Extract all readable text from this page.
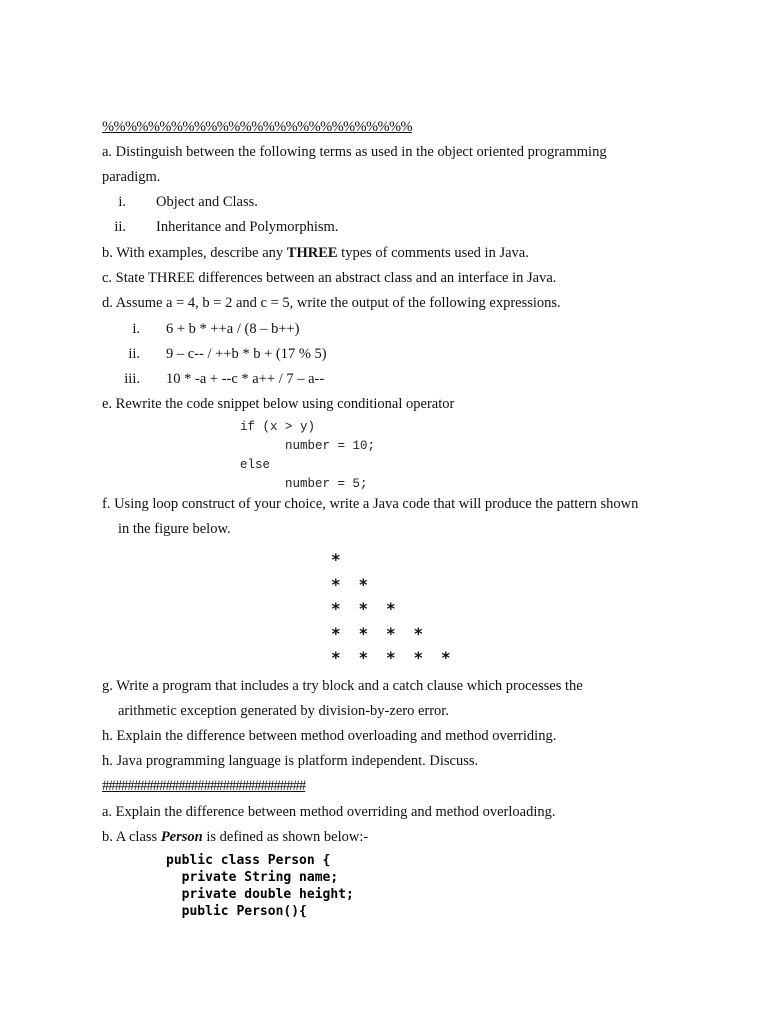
%%%%%%%%%%%%%%%%%%%%%%%%%%%
a. Distinguish between the following terms as used in the object oriented programming
paradigm.
i. Object and Class.
ii. Inheritance and Polymorphism.
b. With examples, describe any THREE types of comments used in Java.
c. State THREE differences between an abstract class and an interface in Java.
d. Assume a = 4, b = 2 and c = 5, write the output of the following expressions.
i. 6 + b * ++a / (8 – b++)
ii. 9 – c-- / ++b * b + (17 % 5)
iii. 10 * -a + --c * a++ / 7 – a--
e. Rewrite the code snippet below using conditional operator
if (x > y)
number = 10;
else
number = 5;
f. Using loop construct of your choice, write a Java code that will produce the pattern shown
in the figure below.
*
* *
* * *
* * * *
* * * * *
g. Write a program that includes a try block and a catch clause which processes the
arithmetic exception generated by division-by-zero error.
h. Explain the difference between method overloading and method overriding.
h. Java programming language is platform independent. Discuss.
################################
a. Explain the difference between method overriding and method overloading.
b. A class Person is defined as shown below:-
public class Person {
private String name;
private double height;
public Person(){
